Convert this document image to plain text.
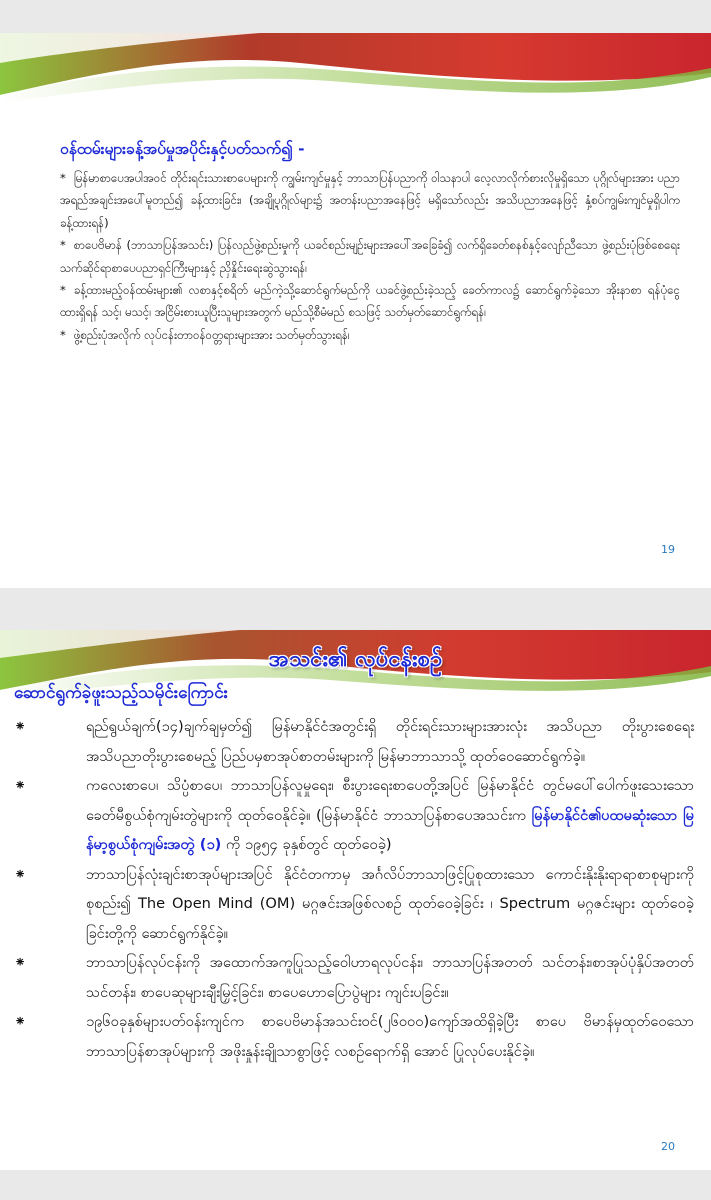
ဝန်ထမ်းများခန့်အပ်မှုအပိုင်းနှင့်ပတ်သက်၍ -
* မြန်မာစာပေအပါအဝင် တိုင်းရင်းသားစာပေများကို ကျွမ်းကျင်မှုနှင့် ဘာသာပြန်ပညာကို ဝါသနာပါ လေ့လာလိုက်စားလိုမှုရှိသော ပုဂ္ဂိုလ်များအား ပညာအရည်အချင်းအပေါ်မူတည်၍ ခန့်ထားခြင်း၊ (အချို့ပုဂ္ဂိုလ်များ၌ အတန်းပညာအနေဖြင့် မရှိသော်လည်း အသိပညာအနေဖြင့် နှံ့စပ်ကျွမ်းကျင်မှုရှိပါက ခန့်ထားရန်)
* စာပေဗိမာန် (ဘာသာပြန်အသင်း) ပြန်လည်ဖွဲ့စည်းမှုကို ယခင်စည်းမျဉ်းများအပေါ်အခြေခံ၍ လက်ရှိခေတ်စနစ်နှင့်လျော်ညီသော ဖွဲ့စည်းပုံဖြစ်စေရေး သက်ဆိုင်ရာစာပေပညာရှင်ကြီးများနှင့် ညှိနှိုင်းရေးဆွဲသွားရန်၊
* ခန့်ထားမည့်ဝန်ထမ်းများ၏ လစာနှင့်စရိတ် မည်ကဲ့သို့ဆောင်ရွက်မည်ကို ယခင်ဖွဲ့စည်းခဲ့သည့် ခေတ်ကာလ၌ ဆောင်ရွက်ခဲ့သော အိုးနာစာ ရန်ပုံငွေထားရှိရန် သင့်၊ မသင့်၊ အငြိမ်းစားယူပြီးသူများအတွက် မည်သို့စီမံမည် စသဖြင့် သတ်မှတ်ဆောင်ရွက်ရန်၊
* ဖွဲ့စည်းပုံအလိုက် လုပ်ငန်းတာဝန်ဝတ္တရားများအား သတ်မှတ်သွားရန်၊
19
အသင်း၏ လုပ်ငန်းစဉ်
ဆောင်ရွက်ခဲ့ဖူးသည့်သမိုင်းကြောင်း
⁕	ရည်ရွယ်ချက်(၁၄)ချက်ချမှတ်၍ မြန်မာနိုင်ငံအတွင်းရှိ တိုင်းရင်းသားများအားလုံး အသိပညာ တိုးပွားစေရေး အသိပညာတိုးပွားစေမည့် ပြည်ပမှစာအုပ်စာတမ်းများကို မြန်မာဘာသာသို့ ထုတ်ဝေဆောင်ရွက်ခဲ့။
⁕	ကလေးစာပေ၊ သိပ္ပံစာပေ၊ ဘာသာပြန်လူမှုရေး၊ စီးပွားရေးစာပေတို့အပြင် မြန်မာနိုင်ငံ တွင်မပေါ်ပေါက်ဖူးသေးသော ခေတ်မီစွယ်စုံကျမ်းတွဲများကို ထုတ်ဝေနိုင်ခဲ့။ (မြန်မာနိုင်ငံ ဘာသာပြန်စာပေအသင်းက မြန်မာနိုင်ငံ၏ပထမဆုံးသော မြန်မာ့စွယ်စုံကျမ်းအတွဲ (၁) ကို ၁၉၅၄ ခုနှစ်တွင် ထုတ်ဝေခဲ့)
⁕	ဘာသာပြန်လုံးချင်းစာအုပ်များအပြင် နိုင်ငံတကာမှ အင်္ဂလိပ်ဘာသာဖြင့်ပြုစုထားသော ကောင်းနိုးနိုးရာရာစာစုများကိုစုစည်း၍ The Open Mind (OM) မဂ္ဂဇင်းအဖြစ်လစဉ် ထုတ်ဝေခဲ့ခြင်း ၊ Spectrum မဂ္ဂဇင်းများ ထုတ်ဝေခဲ့ခြင်းတို့ကို ဆောင်ရွက်နိုင်ခဲ့။
⁕	ဘာသာပြန်လုပ်ငန်းကို အထောက်အကူပြုသည့်ဝေါဟာရလုပ်ငန်း၊ ဘာသာပြန်အတတ် သင်တန်း၊စာအုပ်ပုံနှိပ်အတတ်သင်တန်း၊ စာပေဆုများချီးမြှင့်ခြင်း၊ စာပေဟောပြောပွဲများ ကျင်းပခြင်း။
⁕	၁၉၆၀ခုနှစ်များပတ်ဝန်းကျင်က စာပေဗိမာန်အသင်းဝင်(၂၆၀၀၀)ကျော်အထိရှိခဲ့ပြီး စာပေ ဗိမာန်မှထုတ်ဝေသော ဘာသာပြန်စာအုပ်များကို အဖိုးနှုန်းချိုသာစွာဖြင့် လစဉ်ရောက်ရှိ အောင် ပြုလုပ်ပေးနိုင်ခဲ့။
20
